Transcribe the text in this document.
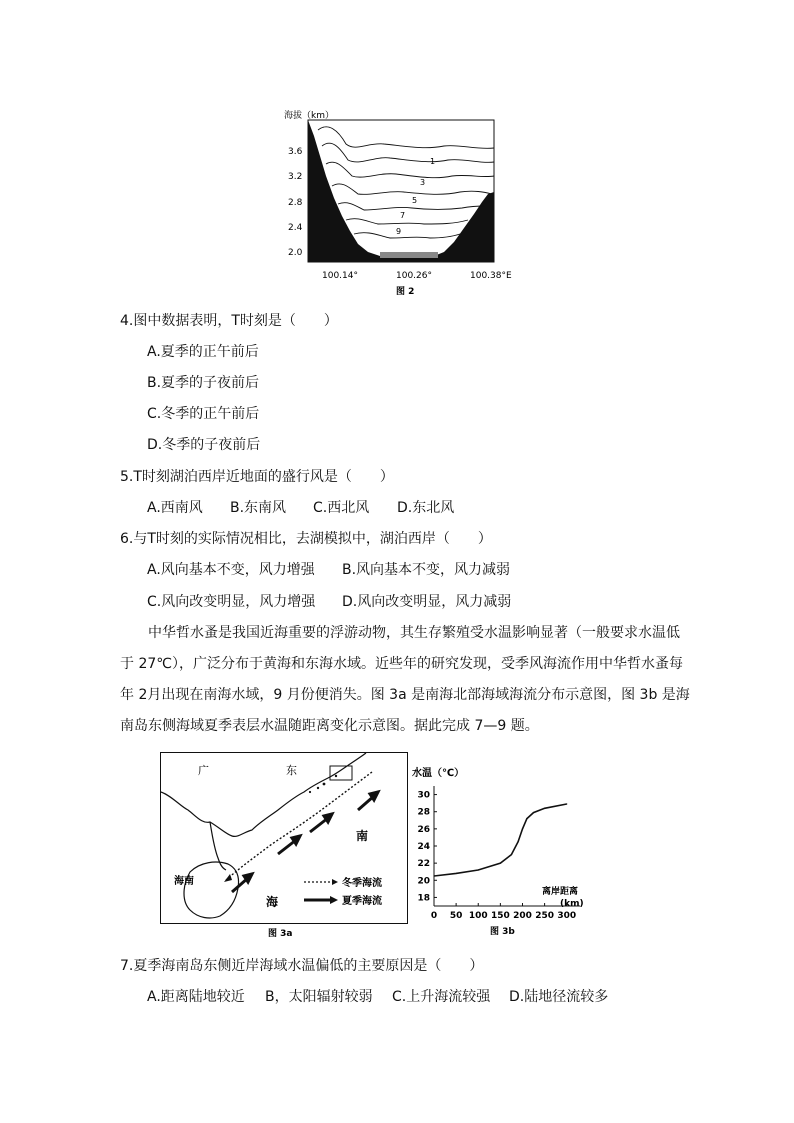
海拔（km）
1
3
5
7
9
湖
3.6
3.2
2.8
2.4
2.0
100.14°	100.26°	100.38°E
图 2
4.图中数据表明，T时刻是（　　）
A.夏季的正午前后
B.夏季的子夜前后
C.冬季的正午前后
D.冬季的子夜前后
5.T时刻湖泊西岸近地面的盛行风是（　　）
A.西南风 B.东南风 C.西北风 D.东北风
6.与T时刻的实际情况相比，去湖模拟中，湖泊西岸（　　）
A.风向基本不变，风力增强 B.风向基本不变，风力减弱
C.风向改变明显，风力增强 D.风向改变明显，风力减弱
中华哲水蚤是我国近海重要的浮游动物，其生存繁殖受水温影响显著（一般要求水温低
于 27℃），广泛分布于黄海和东海水域。近些年的研究发现，受季风海流作用中华哲水蚤每
年 2月出现在南海水域，9 月份便消失。图 3a 是南海北部海域海流分布示意图，图 3b 是海
南岛东侧海域夏季表层水温随距离变化示意图。据此完成 7—9 题。
广	东
南
海南
海
冬季海流
夏季海流
图 3a
水温（℃）
离岸距离
(km)
图 3b
18
20
22
24
26
28
30
0 50 100 150 200 250 300
7.夏季海南岛东侧近岸海域水温偏低的主要原因是（　　）
A.距离陆地较近 B，太阳辐射较弱 C.上升海流较强 D.陆地径流较多
